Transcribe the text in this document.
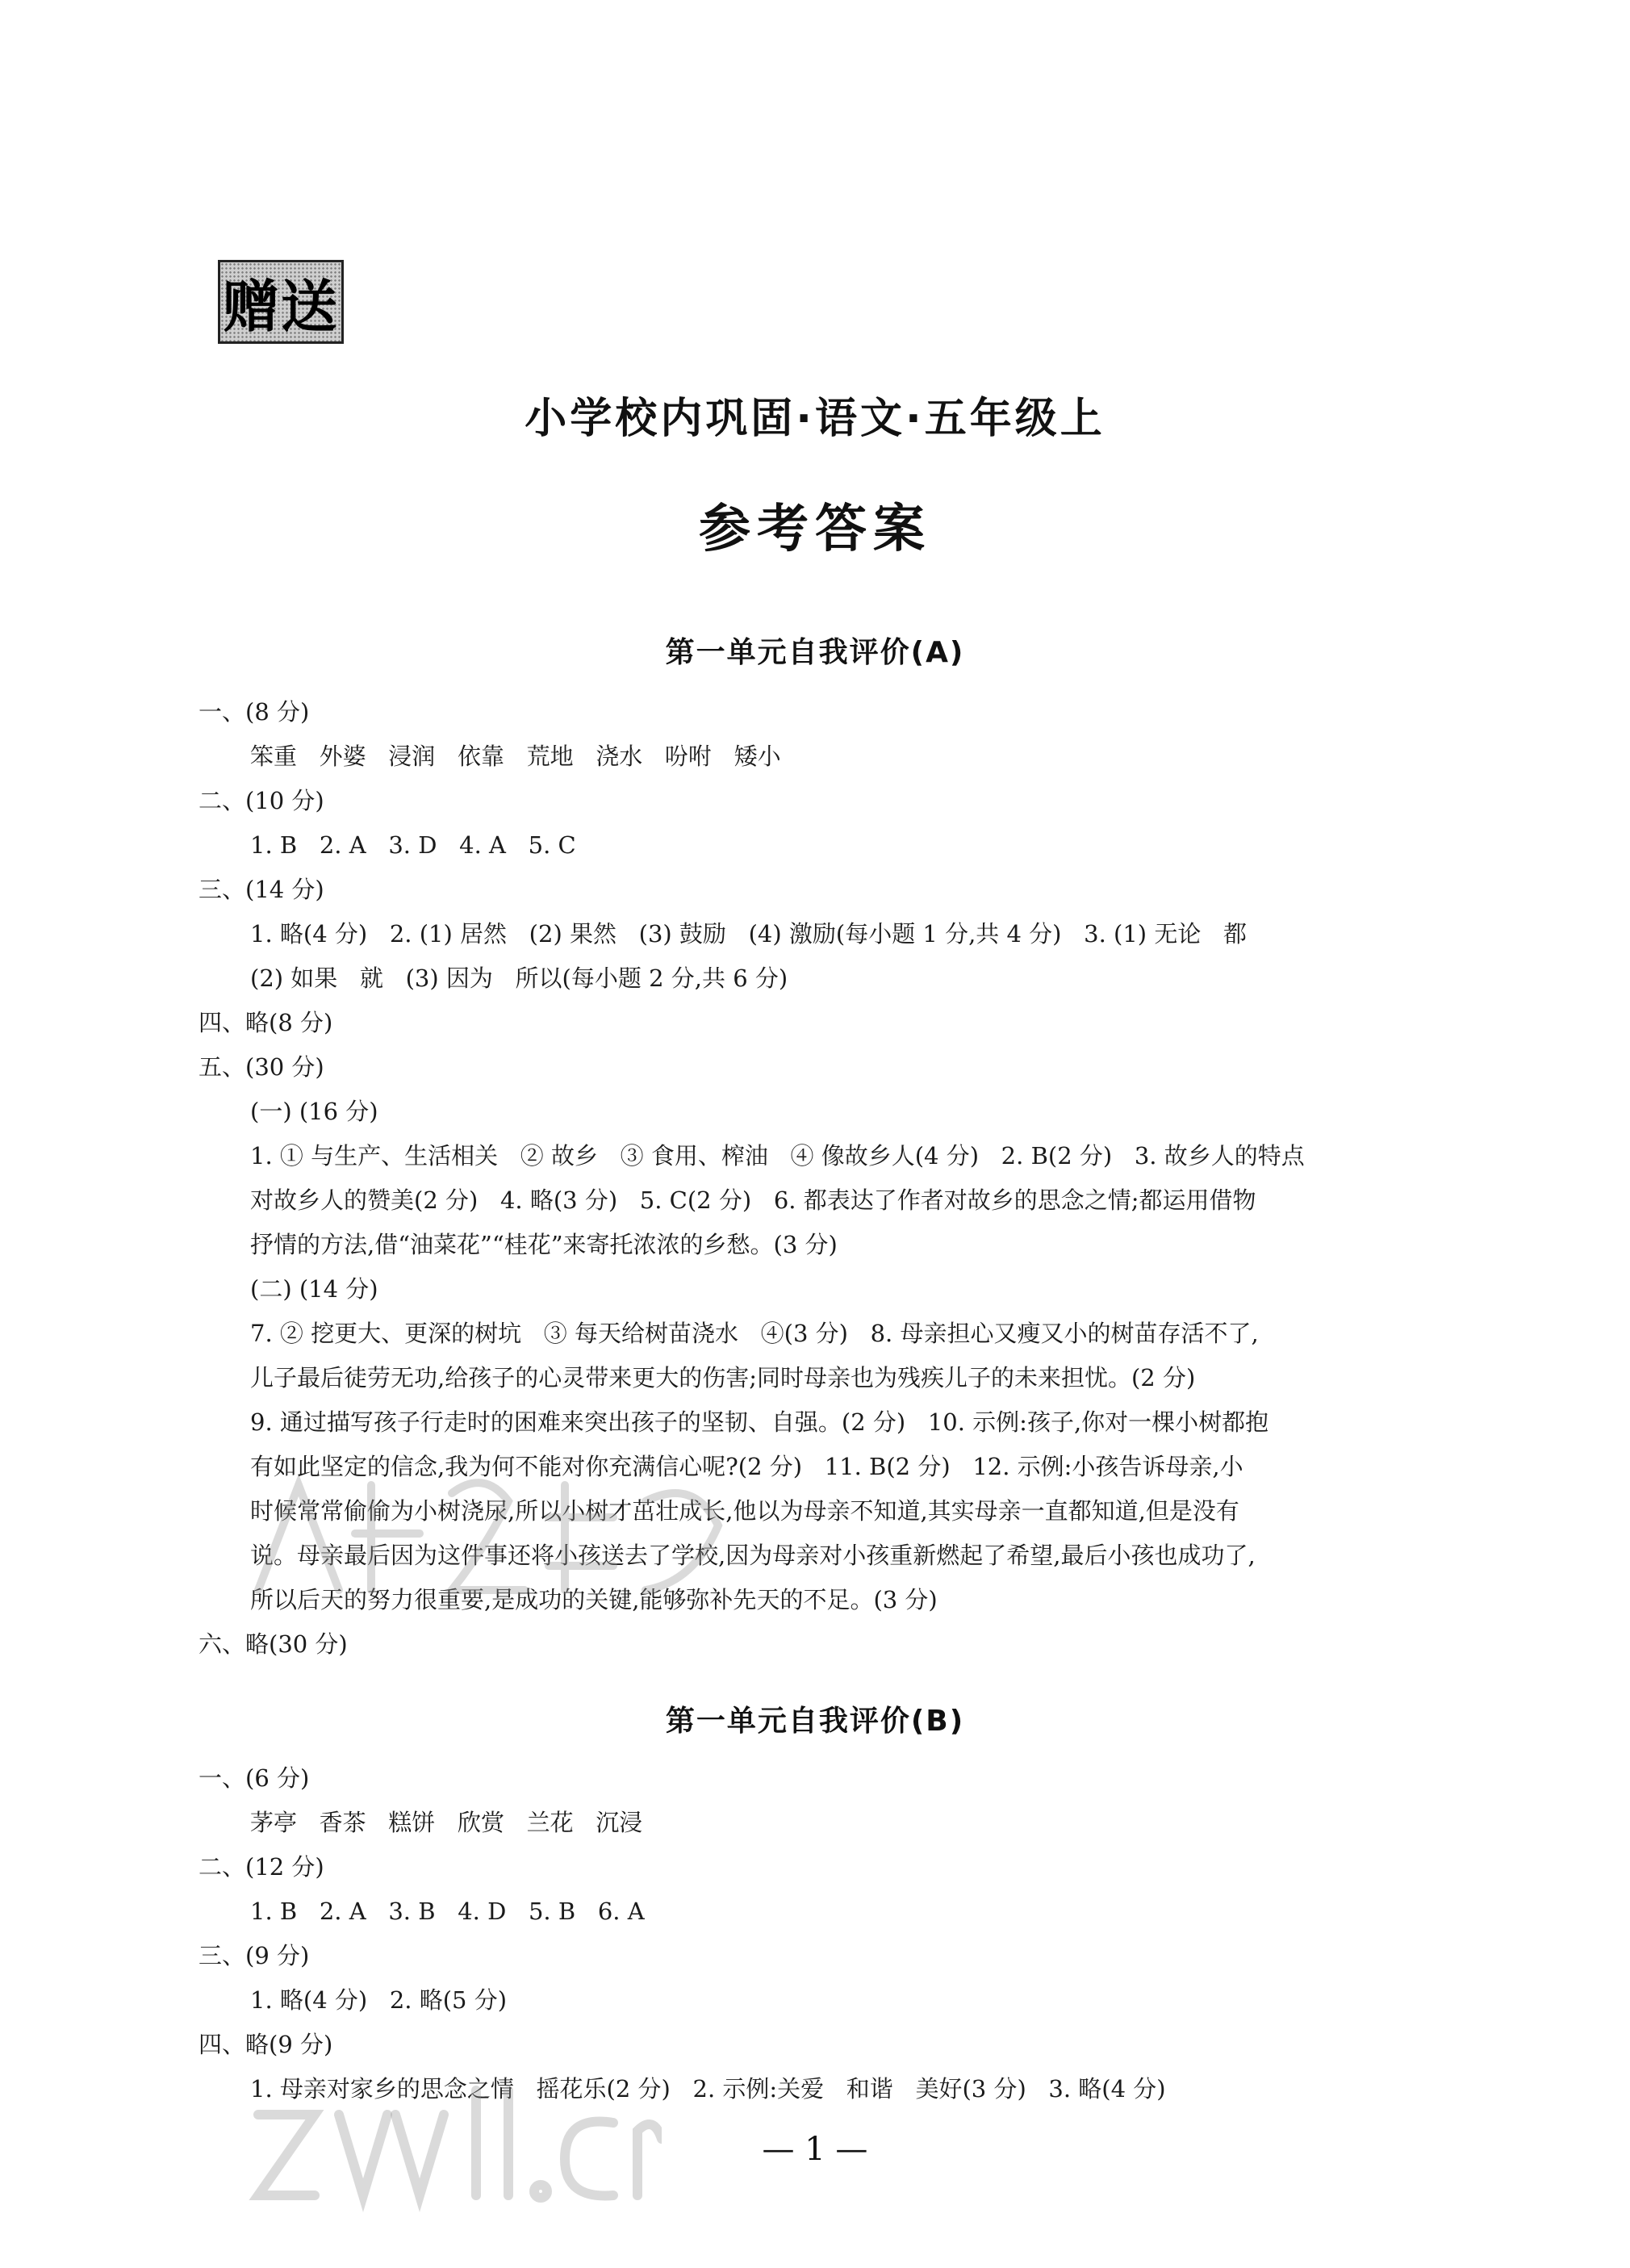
赠送
小学校内巩固·语文·五年级上
参考答案
第一单元自我评价(A)
一、(8 分)
笨重   外婆   浸润   依靠   荒地   浇水   吩咐   矮小
二、(10 分)
1. B   2. A   3. D   4. A   5. C
三、(14 分)
1. 略(4 分)   2. (1) 居然   (2) 果然   (3) 鼓励   (4) 激励(每小题 1 分,共 4 分)   3. (1) 无论   都
(2) 如果   就   (3) 因为   所以(每小题 2 分,共 6 分)
四、略(8 分)
五、(30 分)
(一) (16 分)
1. ① 与生产、生活相关   ② 故乡   ③ 食用、榨油   ④ 像故乡人(4 分)   2. B(2 分)   3. 故乡人的特点
对故乡人的赞美(2 分)   4. 略(3 分)   5. C(2 分)   6. 都表达了作者对故乡的思念之情;都运用借物
抒情的方法,借“油菜花”“桂花”来寄托浓浓的乡愁。(3 分)
(二) (14 分)
7. ② 挖更大、更深的树坑   ③ 每天给树苗浇水   ④(3 分)   8. 母亲担心又瘦又小的树苗存活不了,
儿子最后徒劳无功,给孩子的心灵带来更大的伤害;同时母亲也为残疾儿子的未来担忧。(2 分)
9. 通过描写孩子行走时的困难来突出孩子的坚韧、自强。(2 分)   10. 示例:孩子,你对一棵小树都抱
有如此坚定的信念,我为何不能对你充满信心呢?(2 分)   11. B(2 分)   12. 示例:小孩告诉母亲,小
时候常常偷偷为小树浇尿,所以小树才茁壮成长,他以为母亲不知道,其实母亲一直都知道,但是没有
说。母亲最后因为这件事还将小孩送去了学校,因为母亲对小孩重新燃起了希望,最后小孩也成功了,
所以后天的努力很重要,是成功的关键,能够弥补先天的不足。(3 分)
六、略(30 分)
第一单元自我评价(B)
一、(6 分)
茅亭   香茶   糕饼   欣赏   兰花   沉浸
二、(12 分)
1. B   2. A   3. B   4. D   5. B   6. A
三、(9 分)
1. 略(4 分)   2. 略(5 分)
四、略(9 分)
1. 母亲对家乡的思念之情   摇花乐(2 分)   2. 示例:关爱   和谐   美好(3 分)   3. 略(4 分)
— 1 —
